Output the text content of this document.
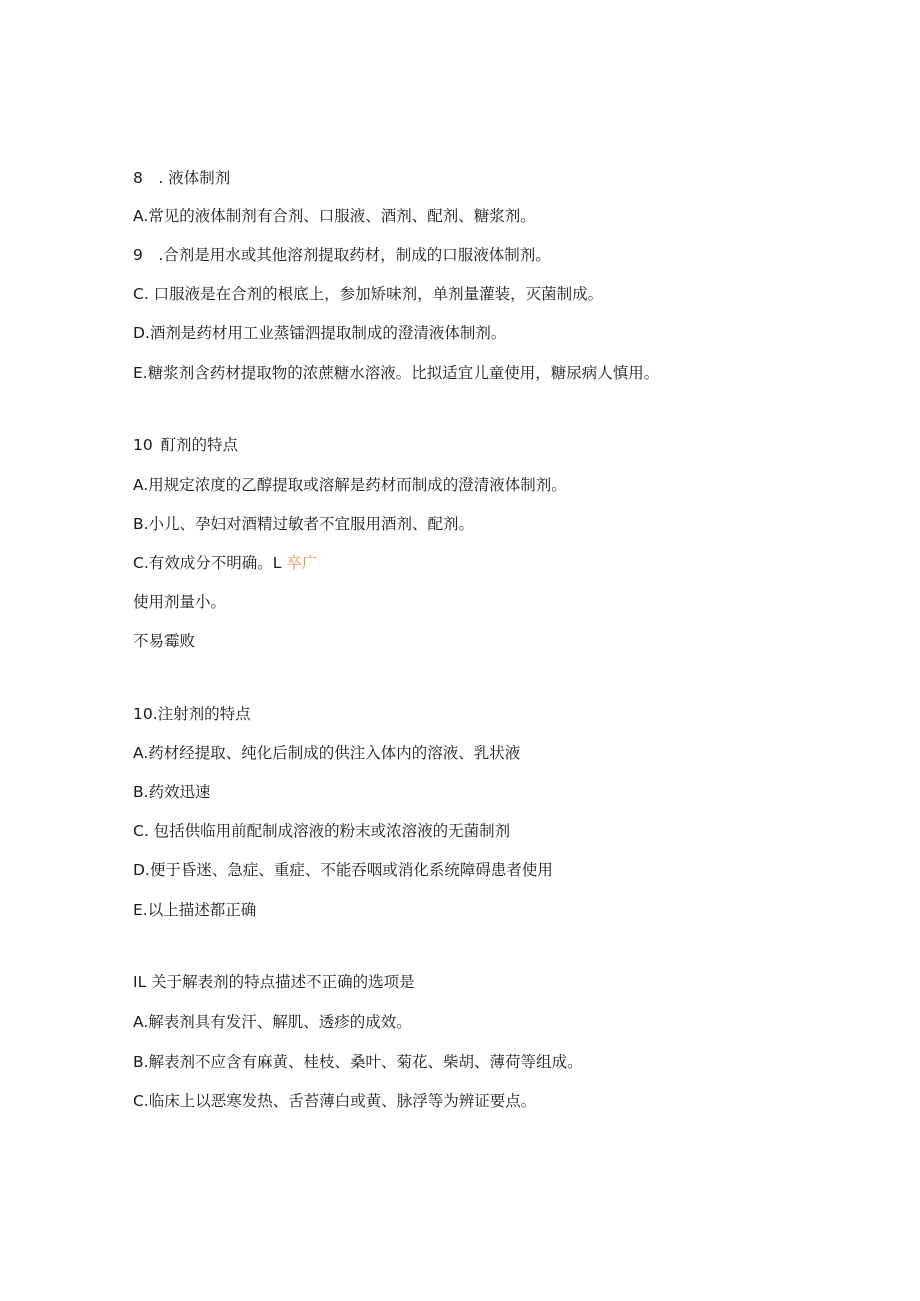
8 . 液体制剂
A.常见的液体制剂有合剂、口服液、酒剂、配剂、糖浆剂。
9 .合剂是用水或其他溶剂提取药材，制成的口服液体制剂。
C. 口服液是在合剂的根底上，参加矫味剂，单剂量灌装，灭菌制成。
D.酒剂是药材用工业蒸镭泗提取制成的澄清液体制剂。
E.糖浆剂含药材提取物的浓蔗糖水溶液。比拟适宜儿童使用，糖尿病人慎用。
10 酊剂的特点
A.用规定浓度的乙醇提取或溶解是药材而制成的澄清液体制剂。
B.小儿、孕妇对酒精过敏者不宜服用酒剂、配剂。
C.有效成分不明确。L 卒广
使用剂量小。
不易霉败
10.注射剂的特点
A.药材经提取、纯化后制成的供注入体内的溶液、乳状液
B.药效迅速
C. 包括供临用前配制成溶液的粉末或浓溶液的无菌制剂
D.便于昏迷、急症、重症、不能吞咽或消化系统障碍患者使用
E.以上描述都正确
IL 关于解表剂的特点描述不正确的选项是
A.解表剂具有发汗、解肌、透疹的成效。
B.解表剂不应含有麻黄、桂枝、桑叶、菊花、柴胡、薄荷等组成。
C.临床上以恶寒发热、舌苔薄白或黄、脉浮等为辨证要点。
